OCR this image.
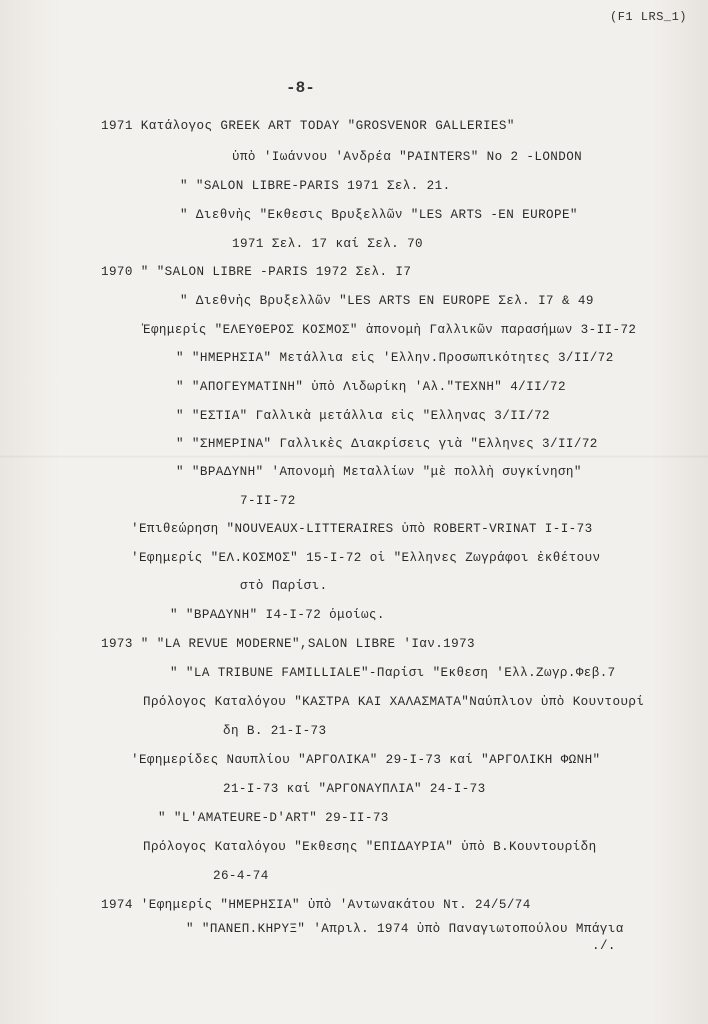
(F1 LRS_1)
-8-
1971 Κατάλογος GREEK ART TODAY "GROSVENOR GALLERIES"
ὑπὸ 'Ιωάννου 'Ανδρέα "PAINTERS" No 2 -LONDON
" "SALON LIBRE-PARIS 1971 Σελ. 21.
" Διεθνὴς "Εκθεσις Βρυξελλῶν "LES ARTS -EN EUROPE"
1971 Σελ. 17 καί Σελ. 70
1970 " "SALON LIBRE -PARIS 1972 Σελ. I7
" Διεθνὴς Βρυξελλῶν "LES ARTS EN EUROPE Σελ. I7 & 49
Ἐφημερίς "ΕΛΕΥΘΕΡΟΣ ΚΟΣΜΟΣ" ἀπονομὴ Γαλλικῶν παρασήμων 3-II-72
" "ΗΜΕΡΗΣΙΑ" Μετάλλια εἰς 'Ελλην.Προσωπικότητες 3/II/72
" "ΑΠΟΓΕΥΜΑΤΙΝΗ" ὑπὸ Λιδωρίκη 'Αλ."ΤΕΧΝΗ" 4/II/72
" "ΕΣΤΙΑ" Γαλλικὰ μετάλλια εἰς "Ελληνας 3/II/72
" "ΣΗΜΕΡΙΝΑ" Γαλλικὲς Διακρίσεις γιὰ "Ελληνες 3/II/72
" "ΒΡΑΔΥΝΗ" 'Απονομὴ Μεταλλίων "μὲ πολλὴ συγκίνηση"
7-II-72
'Επιθεώρηση "NOUVEAUX-LITTERAIRES ὑπὸ ROBERT-VRINAT I-I-73
'Εφημερίς "ΕΛ.ΚΟΣΜΟΣ" 15-I-72 οἱ "Ελληνες Ζωγράφοι ἐκθέτουν
στὸ Παρίσι.
" "ΒΡΑΔΥΝΗ" I4-I-72 ὁμοίως.
1973 " "LA REVUE MODERNE",SALON LIBRE 'Ιαν.1973
" "LA TRIBUNE FAMILLIALE"-Παρίσι "Εκθεση 'Ελλ.Ζωγρ.Φεβ.7
Πρόλογος Καταλόγου "ΚΑΣΤΡΑ ΚΑΙ ΧΑΛΑΣΜΑΤΑ"Ναύπλιον ὑπὸ Κουντουρί
δη Β. 21-I-73
'Εφημερίδες Ναυπλίου "ΑΡΓΟΛΙΚΑ" 29-I-73 καί "ΑΡΓΟΛΙΚΗ ΦΩΝΗ"
21-I-73 καί "ΑΡΓΟΝΑΥΠΛΙΑ" 24-I-73
" "L'AMATEURE-D'ART" 29-II-73
Πρόλογος Καταλόγου "Εκθεσης "ΕΠΙΔΑΥΡΙΑ" ὑπὸ Β.Κουντουρίδη
26-4-74
1974 'Εφημερίς "ΗΜΕΡΗΣΙΑ" ὑπὸ 'Αντωνακάτου Ντ. 24/5/74
" "ΠΑΝΕΠ.ΚΗΡΥΞ" 'Απριλ. 1974 ὑπὸ Παναγιωτοπούλου Μπάγια
./.
